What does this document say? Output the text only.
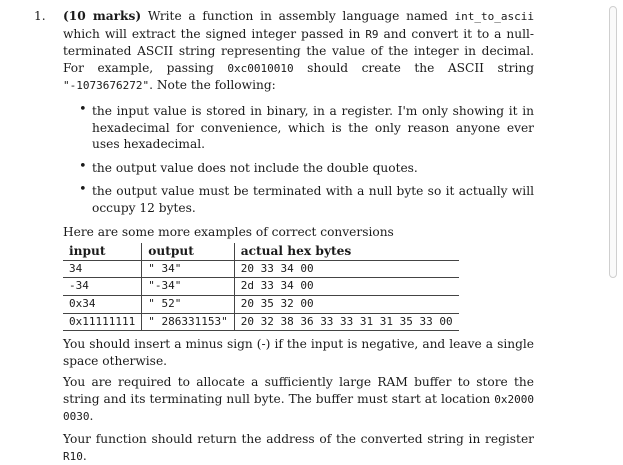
1. (10 marks) Write a function in assembly language named int_to_ascii which will extract the signed integer passed in R9 and convert it to a null-terminated ASCII string representing the value of the integer in decimal. For example, passing 0xc0010010 should create the ASCII string "-1073676272". Note the following:
• the input value is stored in binary, in a register. I'm only showing it in hexadecimal for convenience, which is the only reason anyone ever uses hexadecimal.
• the output value does not include the double quotes.
• the output value must be terminated with a null byte so it actually will occupy 12 bytes.
Here are some more examples of correct conversions
input	output	actual hex bytes
34	" 34"	20 33 34 00
-34	"-34"	2d 33 34 00
0x34	" 52"	20 35 32 00
0x11111111	" 286331153"	20 32 38 36 33 33 31 31 35 33 00

You should insert a minus sign (-) if the input is negative, and leave a single space otherwise.

You are required to allocate a sufficiently large RAM buffer to store the string and its terminating null byte. The buffer must start at location 0x2000 0030.

Your function should return the address of the converted string in register R10.
